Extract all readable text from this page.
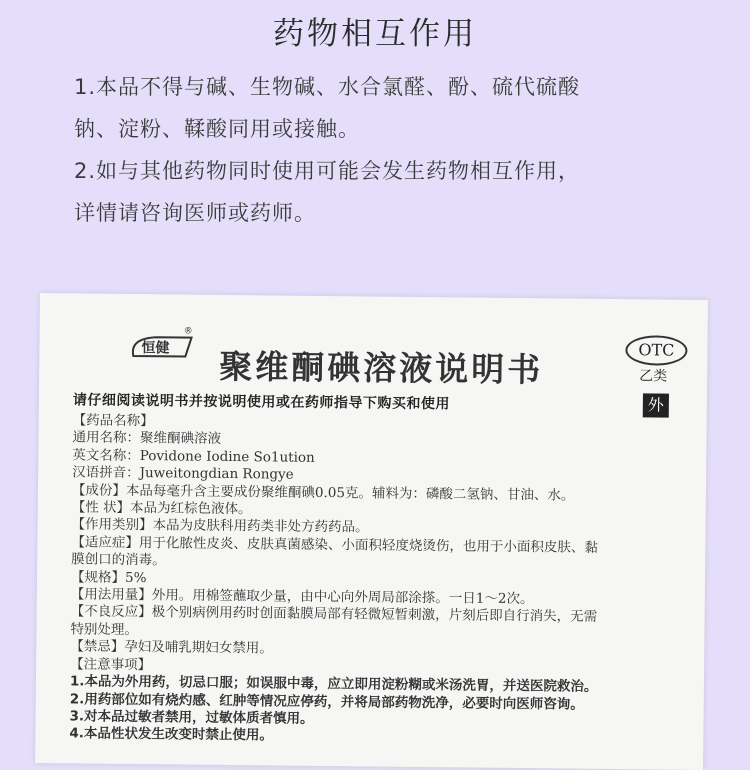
药物相互作用
1.本品不得与碱、生物碱、水合氯醛、酚、硫代硫酸
钠、淀粉、鞣酸同用或接触。
2.如与其他药物同时使用可能会发生药物相互作用，
详情请咨询医师或药师。
恒健
®
聚维酮碘溶液说明书	OTC
乙类
外
请仔细阅读说明书并按说明使用或在药师指导下购买和使用
【药品名称】
通用名称：聚维酮碘溶液
英文名称：Povidone Iodine So1ution
汉语拼音：Juweitongdian Rongye
【成份】本品每毫升含主要成份聚维酮碘0.05克。辅料为：磷酸二氢钠、甘油、水。
【性 状】本品为红棕色液体。
【作用类别】本品为皮肤科用药类非处方药药品。
【适应症】用于化脓性皮炎、皮肤真菌感染、小面积轻度烧烫伤，也用于小面积皮肤、黏
膜创口的消毒。
【规格】5%
【用法用量】外用。用棉签蘸取少量，由中心向外周局部涂搽。一日1～2次。
【不良反应】极个别病例用药时创面黏膜局部有轻微短暂刺激，片刻后即自行消失，无需
特别处理。
【禁忌】孕妇及哺乳期妇女禁用。
【注意事项】
1.本品为外用药，切忌口服；如误服中毒，应立即用淀粉糊或米汤洗胃，并送医院救治。
2.用药部位如有烧灼感、红肿等情况应停药，并将局部药物洗净，必要时向医师咨询。
3.对本品过敏者禁用，过敏体质者慎用。
4.本品性状发生改变时禁止使用。
